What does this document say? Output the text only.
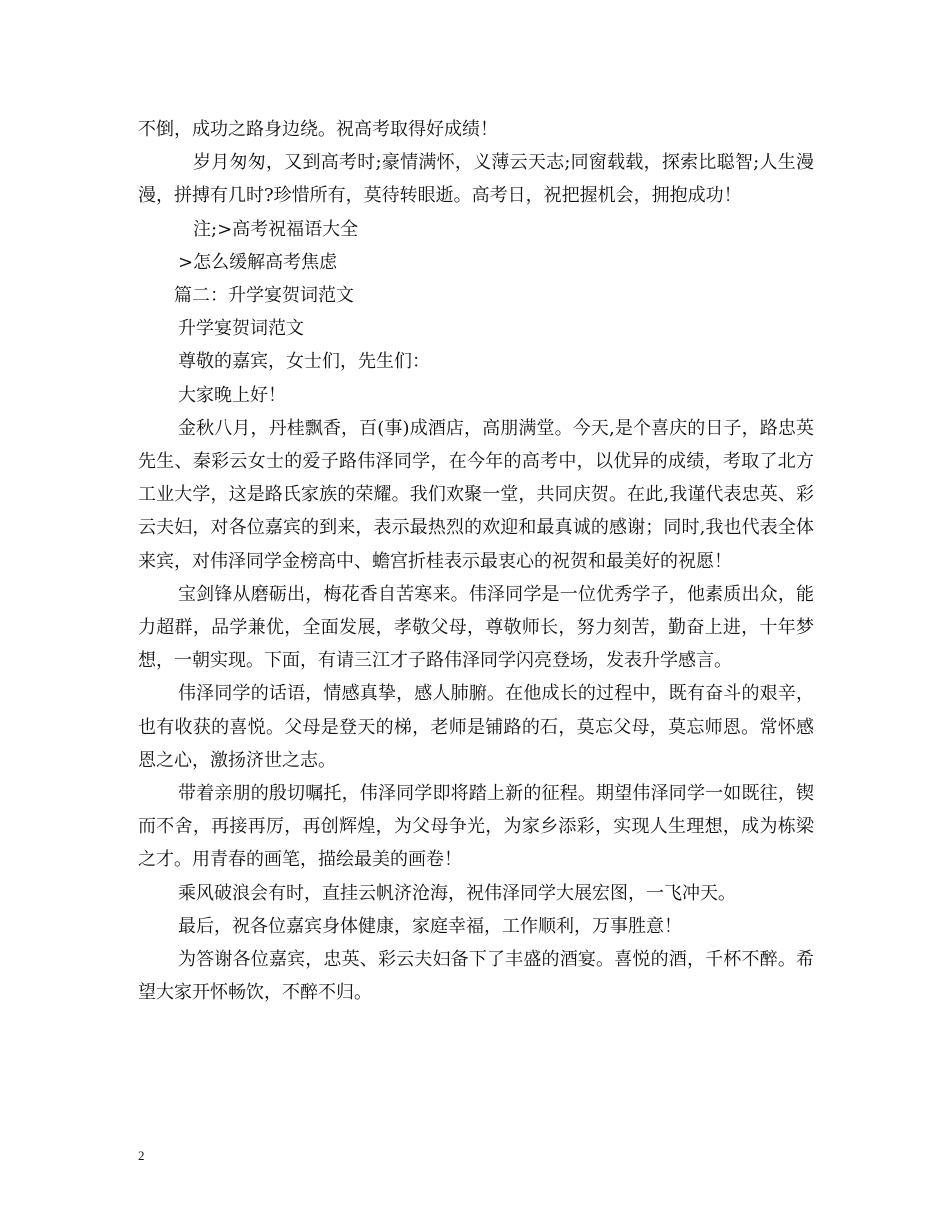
不倒，成功之路身边绕。祝高考取得好成绩！

岁月匆匆，又到高考时;豪情满怀，义薄云天志;同窗载载，探索比聪智;人生漫漫，拼搏有几时?珍惜所有，莫待转眼逝。高考日，祝把握机会，拥抱成功！

注;>高考祝福语大全

>怎么缓解高考焦虑

篇二：升学宴贺词范文

升学宴贺词范文

尊敬的嘉宾，女士们，先生们：

大家晚上好！

金秋八月，丹桂飘香，百(事)成酒店，高朋满堂。今天,是个喜庆的日子，路忠英先生、秦彩云女士的爱子路伟泽同学，在今年的高考中，以优异的成绩，考取了北方工业大学，这是路氏家族的荣耀。我们欢聚一堂，共同庆贺。在此,我谨代表忠英、彩云夫妇，对各位嘉宾的到来，表示最热烈的欢迎和最真诚的感谢；同时,我也代表全体来宾，对伟泽同学金榜高中、蟾宫折桂表示最衷心的祝贺和最美好的祝愿！

宝剑锋从磨砺出，梅花香自苦寒来。伟泽同学是一位优秀学子，他素质出众，能力超群，品学兼优，全面发展，孝敬父母，尊敬师长，努力刻苦，勤奋上进，十年梦想，一朝实现。下面，有请三江才子路伟泽同学闪亮登场，发表升学感言。

伟泽同学的话语，情感真挚，感人肺腑。在他成长的过程中，既有奋斗的艰辛，也有收获的喜悦。父母是登天的梯，老师是铺路的石，莫忘父母，莫忘师恩。常怀感恩之心，激扬济世之志。

带着亲朋的殷切嘱托，伟泽同学即将踏上新的征程。期望伟泽同学一如既往，锲而不舍，再接再厉，再创辉煌，为父母争光，为家乡添彩，实现人生理想，成为栋梁之才。用青春的画笔，描绘最美的画卷！

乘风破浪会有时，直挂云帆济沧海，祝伟泽同学大展宏图，一飞冲天。

最后，祝各位嘉宾身体健康，家庭幸福，工作顺利，万事胜意！

为答谢各位嘉宾，忠英、彩云夫妇备下了丰盛的酒宴。喜悦的酒，千杯不醉。希望大家开怀畅饮，不醉不归。

2
